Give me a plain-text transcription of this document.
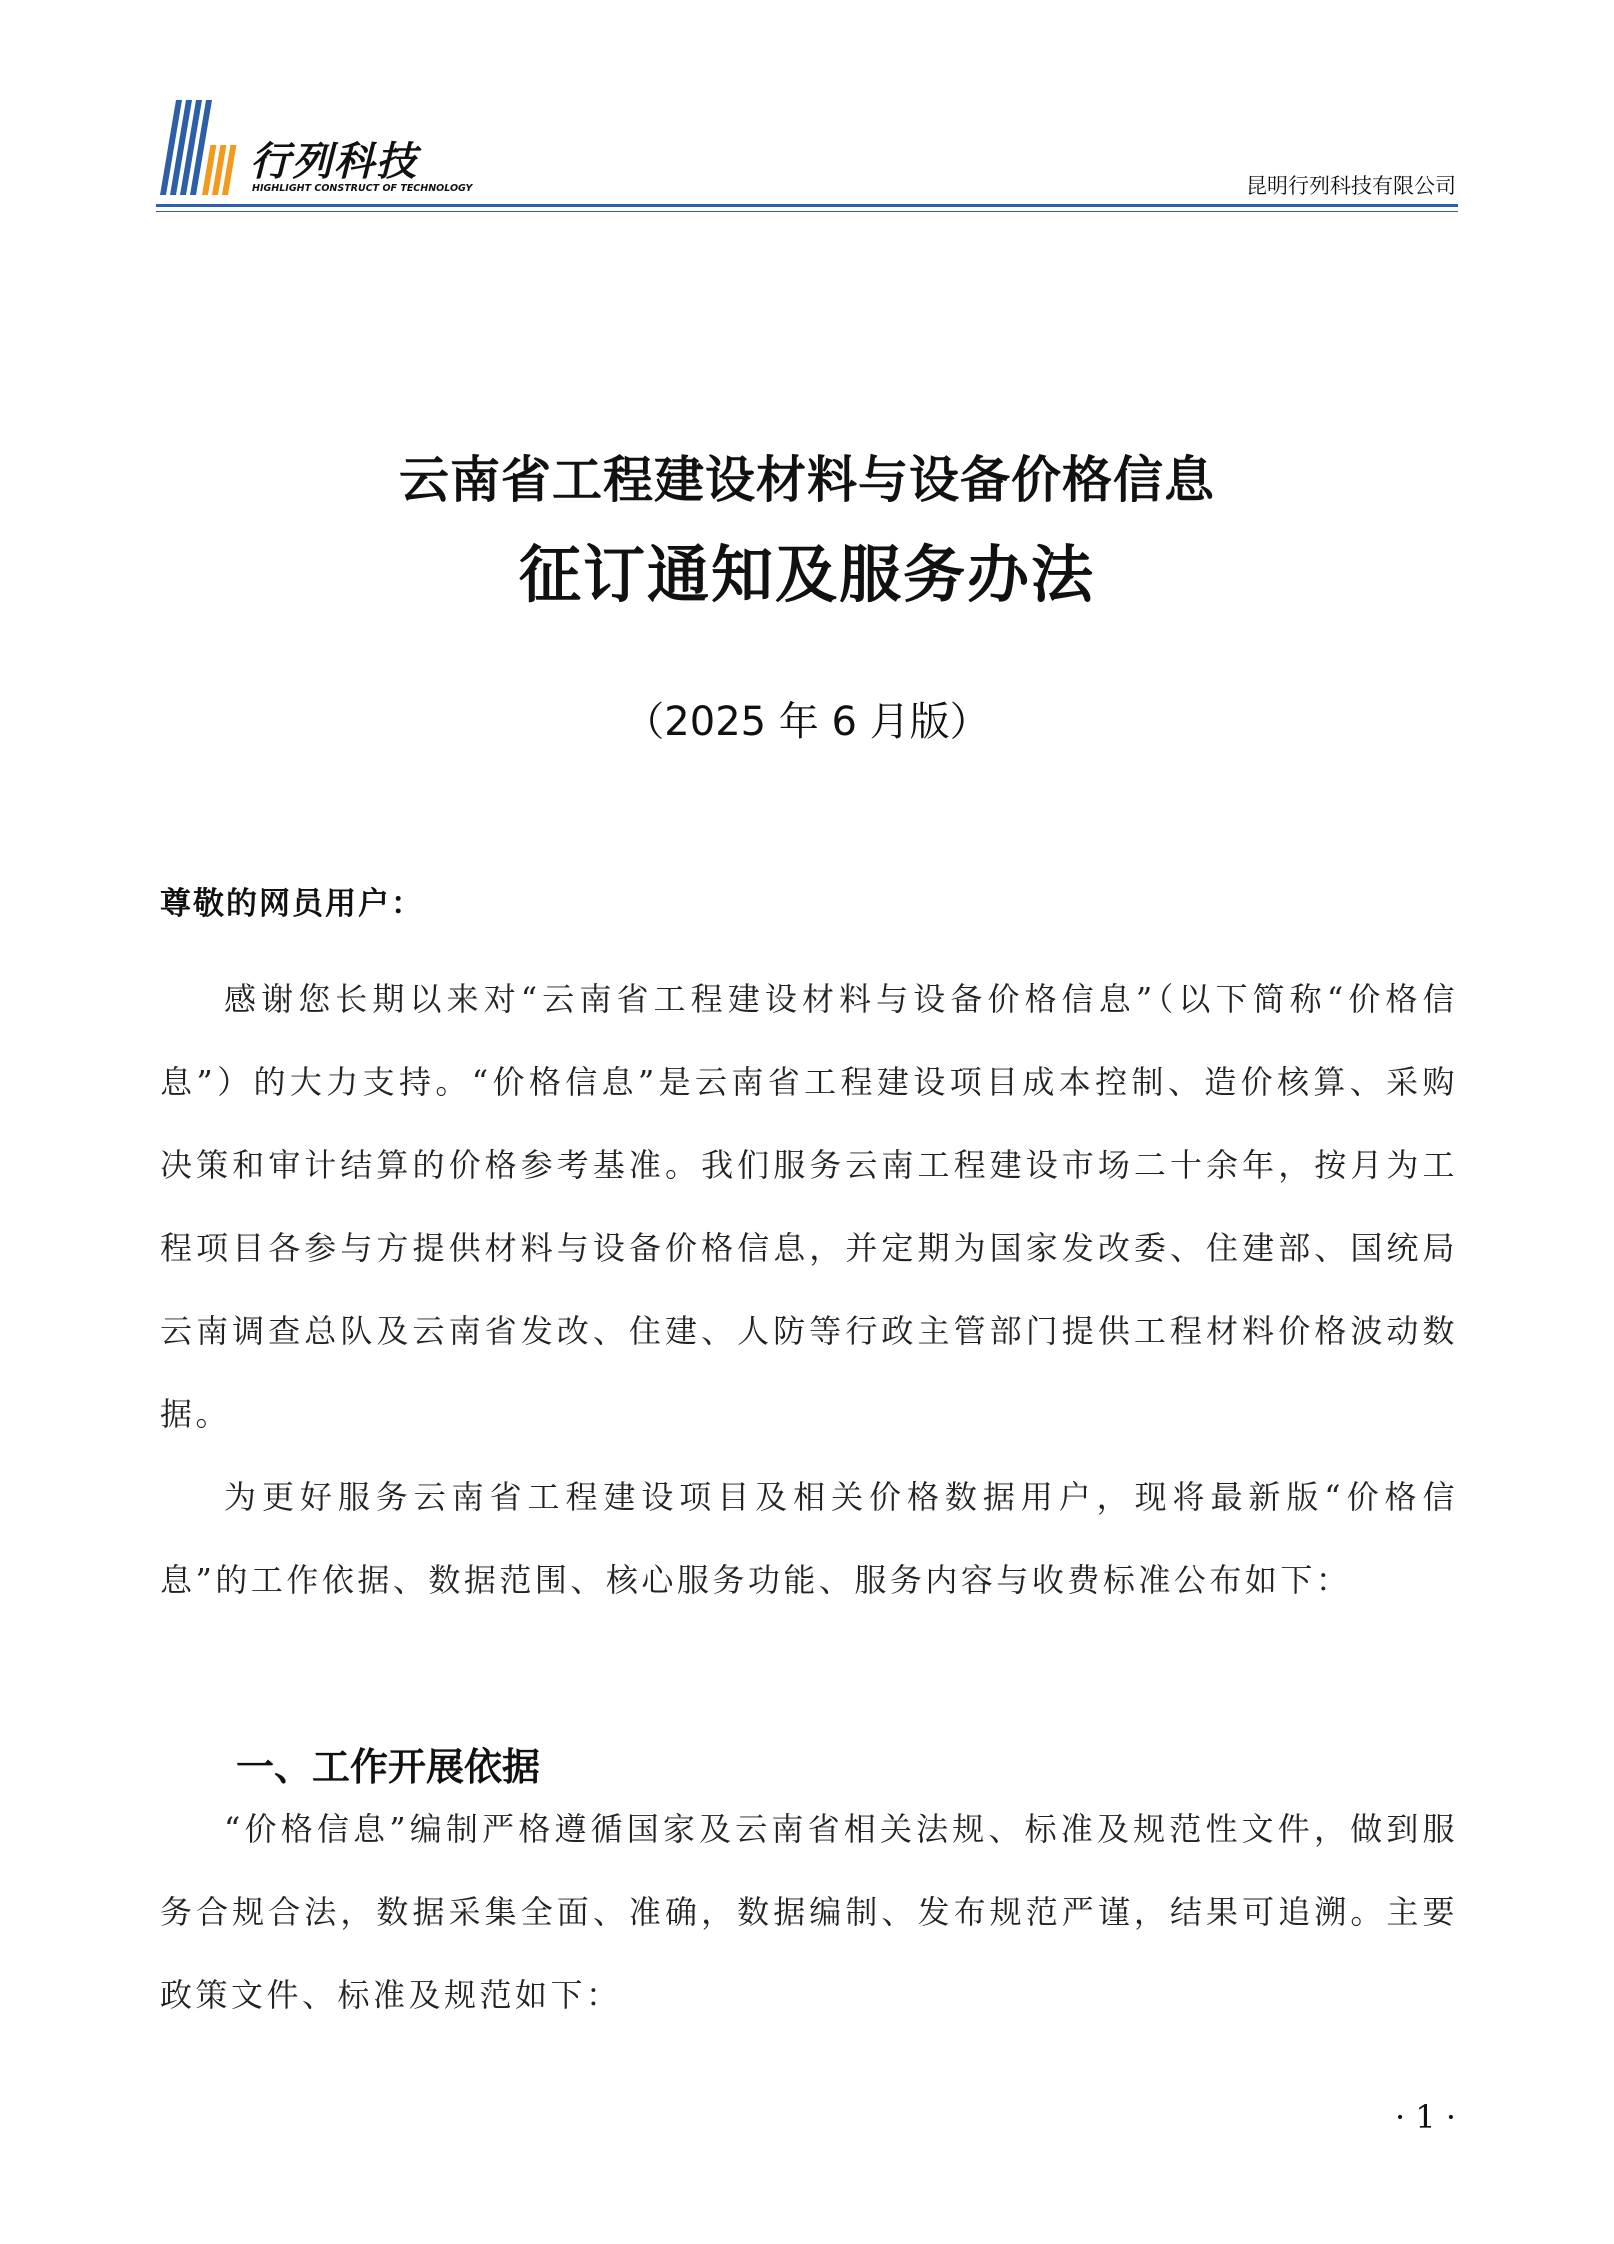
行列科技
HIGHLIGHT CONSTRUCT OF TECHNOLOGY	昆明行列科技有限公司
云南省工程建设材料与设备价格信息
征订通知及服务办法
（2025 年 6 月版）
尊敬的网员用户：

感谢您长期以来对“云南省工程建设材料与设备价格信息”（以下简称“价格信息”）的大力支持。“价格信息”是云南省工程建设项目成本控制、造价核算、采购决策和审计结算的价格参考基准。我们服务云南工程建设市场二十余年，按月为工程项目各参与方提供材料与设备价格信息，并定期为国家发改委、住建部、国统局云南调查总队及云南省发改、住建、人防等行政主管部门提供工程材料价格波动数据。

为更好服务云南省工程建设项目及相关价格数据用户，现将最新版“价格信息”的工作依据、数据范围、核心服务功能、服务内容与收费标准公布如下：

一、工作开展依据

“价格信息”编制严格遵循国家及云南省相关法规、标准及规范性文件，做到服务合规合法，数据采集全面、准确，数据编制、发布规范严谨，结果可追溯。主要政策文件、标准及规范如下：

· 1 ·
